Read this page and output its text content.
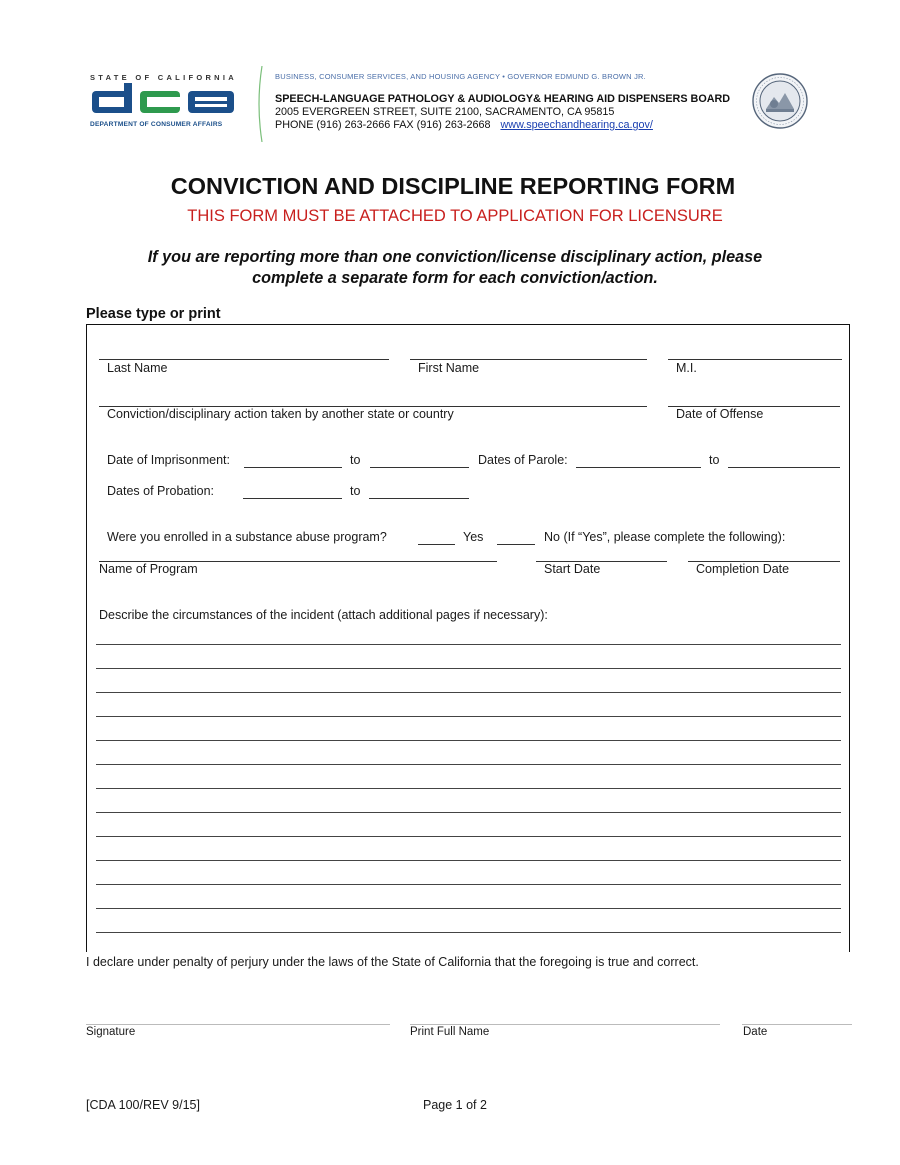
STATE OF CALIFORNIA
DEPARTMENT OF CONSUMER AFFAIRS
BUSINESS, CONSUMER SERVICES, AND HOUSING AGENCY • GOVERNOR EDMUND G. BROWN JR.
SPEECH-LANGUAGE PATHOLOGY & AUDIOLOGY& HEARING AID DISPENSERS BOARD
2005 EVERGREEN STREET, SUITE 2100, SACRAMENTO, CA 95815
PHONE (916) 263-2666 FAX (916) 263-2668 www.speechandhearing.ca.gov/
CONVICTION AND DISCIPLINE REPORTING FORM
THIS FORM MUST BE ATTACHED TO APPLICATION FOR LICENSURE
If you are reporting more than one conviction/license disciplinary action, please
complete a separate form for each conviction/action.
Please type or print
Last Name	First Name	M.I.
Conviction/disciplinary action taken by another state or country	Date of Offense
Date of Imprisonment:	to	Dates of Parole:	to
Dates of Probation:	to
Were you enrolled in a substance abuse program?	Yes	No (If “Yes”, please complete the following):
Name of Program	Start Date	Completion Date
Describe the circumstances of the incident (attach additional pages if necessary):
I declare under penalty of perjury under the laws of the State of California that the foregoing is true and correct.
Signature	Print Full Name	Date
[CDA 100/REV 9/15]	Page 1 of 2
